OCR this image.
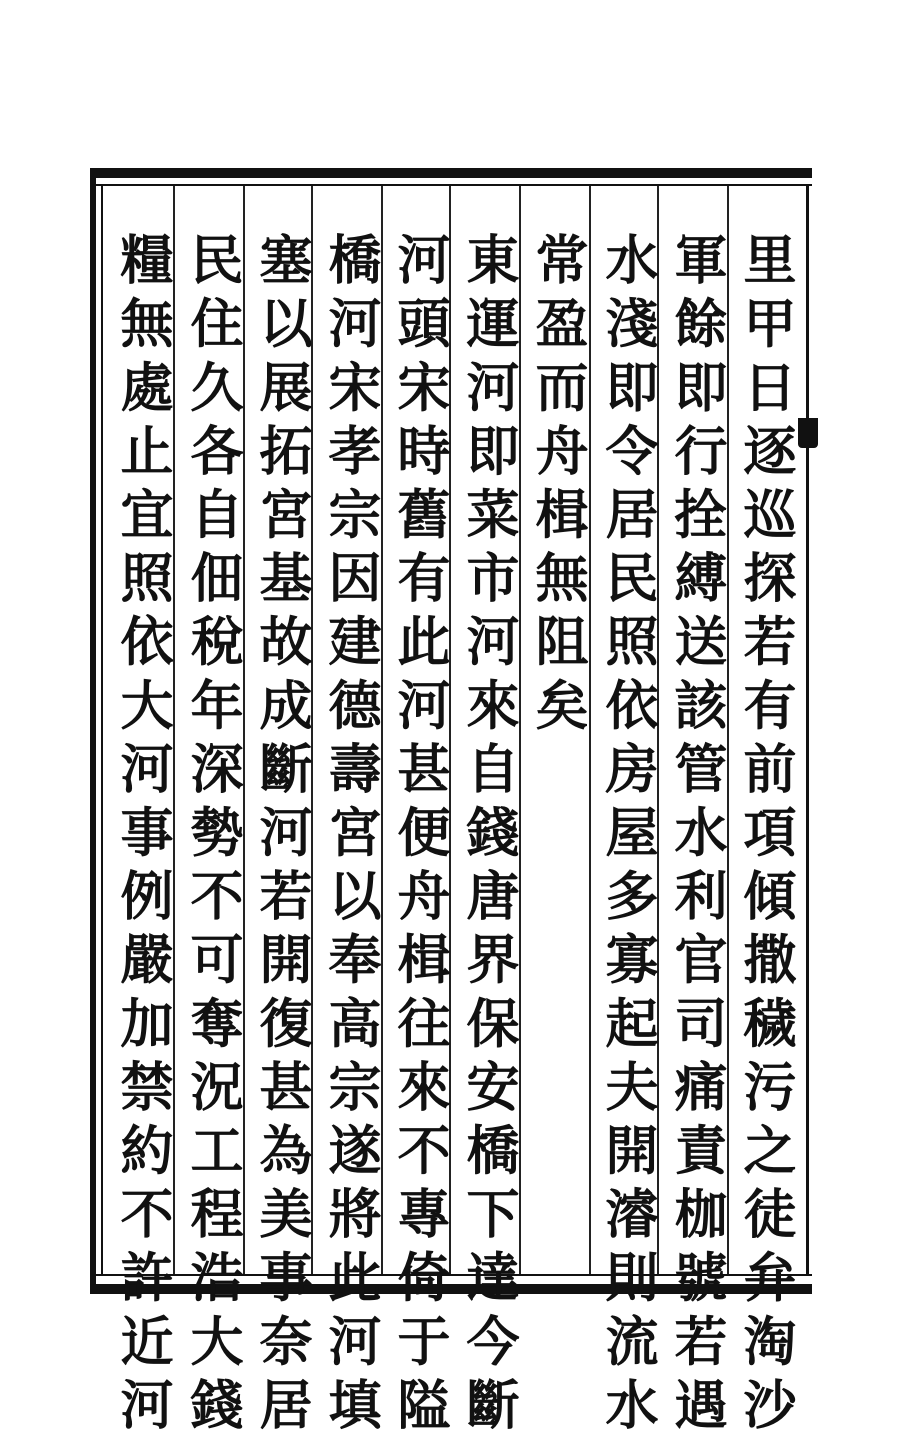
里甲日逐巡探若有前項傾撒穢污之徒弁淘沙
軍餘即行拴縛送該管水利官司痛責枷號若遇
水淺即令居民照依房屋多寡起夫開濬則流水
常盈而舟楫無阻矣
東運河即菜市河來自錢唐界保安橋下達今斷
河頭宋時舊有此河甚便舟楫往來不專倚于隘
橋河宋孝宗因建德壽宮以奉高宗遂將此河填
塞以展拓宮基故成斷河若開復甚為美事奈居
民住久各自佃稅年深勢不可奪況工程浩大錢
糧無處止宜照依大河事例嚴加禁約不許近河
